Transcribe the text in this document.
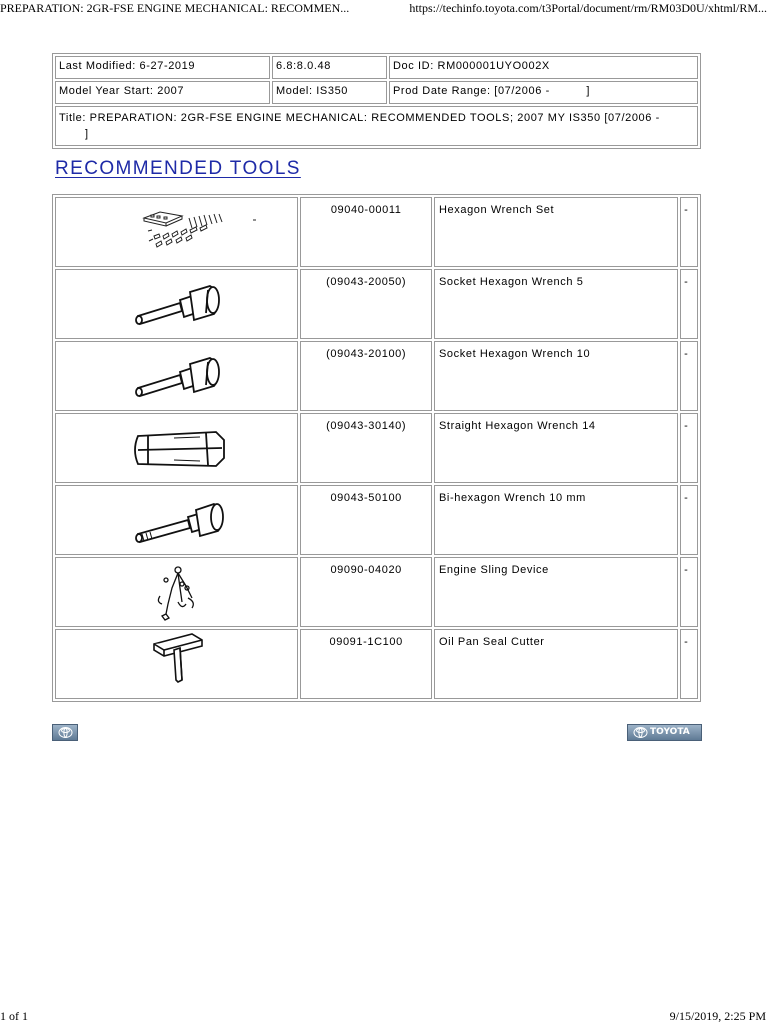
PREPARATION: 2GR-FSE ENGINE MECHANICAL: RECOMMEN...	https://techinfo.toyota.com/t3Portal/document/rm/RM03D0U/xhtml/RM...
Last Modified: 6-27-2019	6.8:8.0.48	Doc ID: RM000001UYO002X
Model Year Start: 2007	Model: IS350	Prod Date Range: [07/2006 -          ]
Title: PREPARATION: 2GR-FSE ENGINE MECHANICAL: RECOMMENDED TOOLS; 2007 MY IS350 [07/2006 -
]		
RECOMMENDED TOOLS
	09040-00011	Hexagon Wrench Set	-

	(09043-20050)	Socket Hexagon Wrench 5	-

	(09043-20100)	Socket Hexagon Wrench 10	-

	(09043-30140)	Straight Hexagon Wrench 14	-

	09043-50100	Bi-hexagon Wrench 10 mm	-

	09090-04020	Engine Sling Device	-

	09091-1C100	Oil Pan Seal Cutter	-
TOYOTA
1 of 1	9/15/2019, 2:25 PM
